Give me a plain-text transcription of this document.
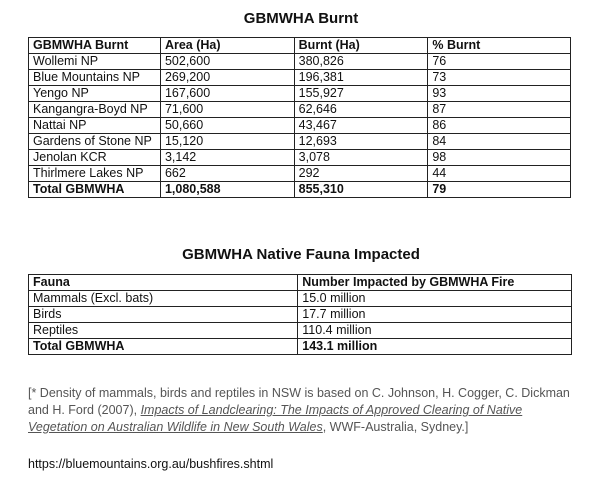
GBMWHA Burnt
GBMWHA Burnt	Area (Ha)	Burnt (Ha)	% Burnt
Wollemi NP	502,600	380,826	76
Blue Mountains NP	269,200	196,381	73
Yengo NP	167,600	155,927	93
Kangangra-Boyd NP	71,600	62,646	87
Nattai NP	50,660	43,467	86
Gardens of Stone NP	15,120	12,693	84
Jenolan KCR	3,142	3,078	98
Thirlmere Lakes NP	662	292	44
Total GBMWHA	1,080,588	855,310	79
GBMWHA Native Fauna Impacted
Fauna	Number Impacted by GBMWHA Fire
Mammals (Excl. bats)	15.0 million
Birds	17.7 million
Reptiles	110.4 million
Total GBMWHA	143.1 million
[* Density of mammals, birds and reptiles in NSW is based on C. Johnson, H. Cogger, C. Dickman and H. Ford (2007), Impacts of Landclearing: The Impacts of Approved Clearing of Native Vegetation on Australian Wildlife in New South Wales, WWF-Australia, Sydney.]
https://bluemountains.org.au/bushfires.shtml
